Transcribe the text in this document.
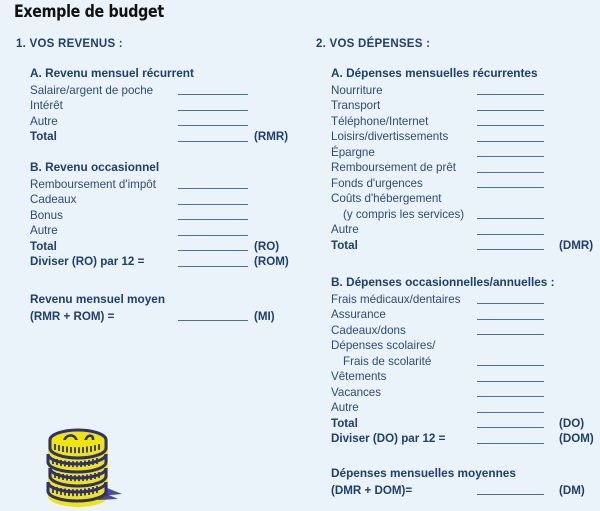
Exemple de budget
1. VOS REVENUS :
A. Revenu mensuel récurrent
Salaire/argent de poche
Intérêt
Autre
Total	(RMR)
B. Revenu occasionnel
Remboursement d'impôt
Cadeaux
Bonus
Autre
Total	(RO)
Diviser (RO) par 12 =	(ROM)
Revenu mensuel moyen
(RMR + ROM) =	(MI)
2. VOS DÉPENSES :
A. Dépenses mensuelles récurrentes
Nourriture
Transport
Téléphone/Internet
Loisirs/divertissements
Épargne
Remboursement de prêt
Fonds d'urgences
Coûts d'hébergement
(y compris les services)
Autre
Total	(DMR)
B. Dépenses occasionnelles/annuelles :
Frais médicaux/dentaires
Assurance
Cadeaux/dons
Dépenses scolaires/
Frais de scolarité
Vêtements
Vacances
Autre
Total	(DO)
Diviser (DO) par 12 =	(DOM)
Dépenses mensuelles moyennes
(DMR + DOM)=	(DM)
